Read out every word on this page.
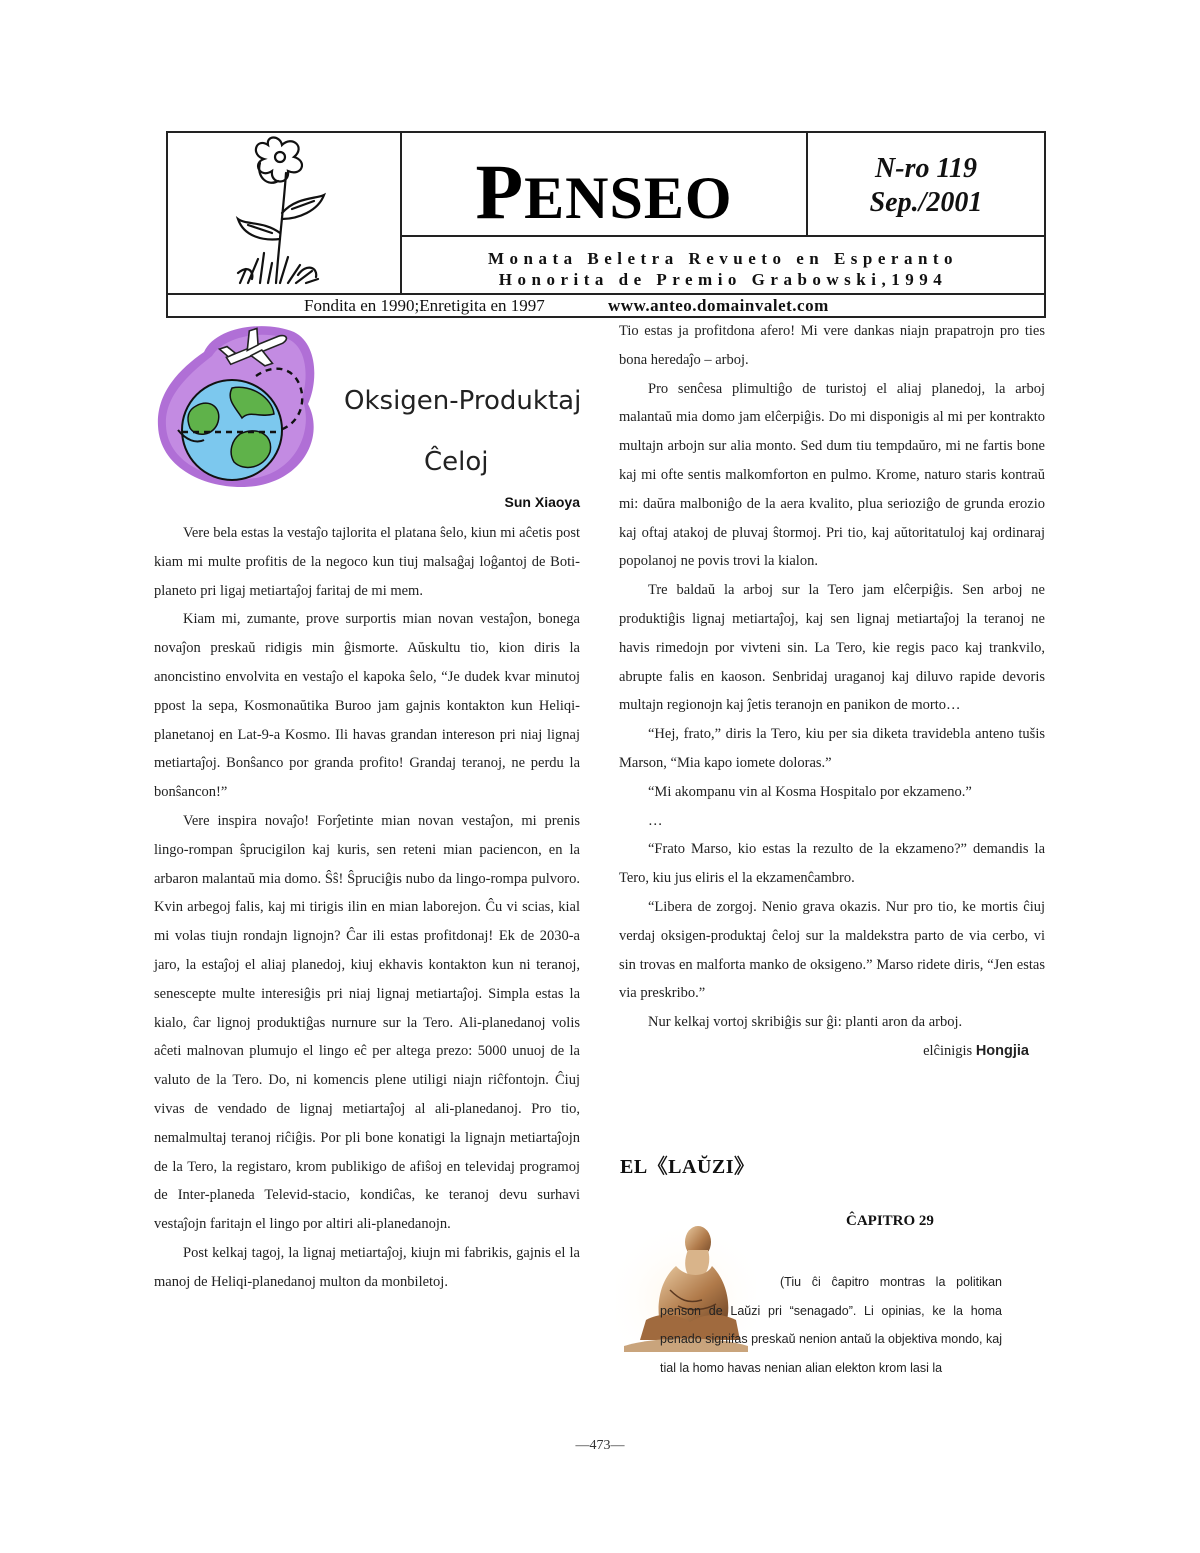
PENSEO	N-ro 119
Sep./2001
Monata Beletra Revueto en Esperanto
Honorita de Premio Grabowski,1994
Fondita en 1990;Enretigita en 1997	www.anteo.domainvalet.com
Oksigen-Produktaj
Ĉeloj
Sun Xiaoya

Vere bela estas la vestaĵo tajlorita el platana ŝelo, kiun mi aĉetis post kiam mi multe profitis de la negoco kun tiuj malsaĝaj loĝantoj de Boti-planeto pri ligaj metiartaĵoj faritaj de mi mem.

Kiam mi, zumante, prove surportis mian novan vestaĵon, bonega novaĵon preskaŭ ridigis min ĝismorte. Aŭskultu tio, kion diris la anoncistino envolvita en vestaĵo el kapoka ŝelo, “Je dudek kvar minutoj ppost la sepa, Kosmonaŭtika Buroo jam gajnis kontakton kun Heliqi-planetanoj en Lat-9-a Kosmo. Ili havas grandan intereson pri niaj lignaj metiartaĵoj. Bonŝanco por granda profito! Grandaj teranoj, ne perdu la bonŝancon!”

Vere inspira novaĵo! Forĵetinte mian novan vestaĵon, mi prenis lingo-rompan ŝprucigilon kaj kuris, sen reteni mian paciencon, en la arbaron malantaŭ mia domo. Ŝŝ! Ŝpruciĝis nubo da lingo-rompa pulvoro. Kvin arbegoj falis, kaj mi tirigis ilin en mian laborejon. Ĉu vi scias, kial mi volas tiujn rondajn lignojn? Ĉar ili estas profitdonaj! Ek de 2030-a jaro, la estaĵoj el aliaj planedoj, kiuj ekhavis kontakton kun ni teranoj, senescepte multe interesiĝis pri niaj lignaj metiartaĵoj. Simpla estas la kialo, ĉar lignoj produktiĝas nurnure sur la Tero. Ali-planedanoj volis aĉeti malnovan plumujo el lingo eĉ per altega prezo: 5000 unuoj de la valuto de la Tero. Do, ni komencis plene utiligi niajn riĉfontojn. Ĉiuj vivas de vendado de lignaj metiartaĵoj al ali-planedanoj. Pro tio, nemalmultaj teranoj riĉiĝis. Por pli bone konatigi la lignajn metiartaĵojn de la Tero, la registaro, krom publikigo de afiŝoj en televidaj programoj de Inter-planeda Televid-stacio, kondiĉas, ke teranoj devu surhavi vestaĵojn faritajn el lingo por altiri ali-planedanojn.

Post kelkaj tagoj, la lignaj metiartaĵoj, kiujn mi fabrikis, gajnis el la manoj de Heliqi-planedanoj multon da monbiletoj.

Tio estas ja profitdona afero! Mi vere dankas niajn prapatrojn pro ties bona heredaĵo – arboj.

Pro senĉesa plimultiĝo de turistoj el aliaj planedoj, la arboj malantaŭ mia domo jam elĉerpiĝis. Do mi disponigis al mi per kontrakto multajn arbojn sur alia monto. Sed dum tiu tempdaŭro, mi ne fartis bone kaj mi ofte sentis malkomforton en pulmo. Krome, naturo staris kontraŭ mi: daŭra malboniĝo de la aera kvalito, plua serioziĝo de grunda erozio kaj oftaj atakoj de pluvaj ŝtormoj. Pri tio, kaj aŭtoritatuloj kaj ordinaraj popolanoj ne povis trovi la kialon.

Tre baldaŭ la arboj sur la Tero jam elĉerpiĝis. Sen arboj ne produktiĝis lignaj metiartaĵoj, kaj sen lignaj metiartaĵoj la teranoj ne havis rimedojn por vivteni sin. La Tero, kie regis paco kaj trankvilo, abrupte falis en kaoson. Senbridaj uraganoj kaj diluvo rapide devoris multajn regionojn kaj ĵetis teranojn en panikon de morto…

“Hej, frato,” diris la Tero, kiu per sia diketa travidebla anteno tušis Marson, “Mia kapo iomete doloras.”

“Mi akompanu vin al Kosma Hospitalo por ekzameno.”

…

“Frato Marso, kio estas la rezulto de la ekzameno?” demandis la Tero, kiu jus eliris el la ekzamenĉambro.

“Libera de zorgoj. Nenio grava okazis. Nur pro tio, ke mortis ĉiuj verdaj oksigen-produktaj ĉeloj sur la maldekstra parto de via cerbo, vi sin trovas en malforta manko de oksigeno.” Marso ridete diris, “Jen estas via preskribo.”

Nur kelkaj vortoj skribiĝis sur ĝi: planti aron da arboj.

elĉinigis Hongjia
EL《LAŬZI》
ĈAPITRO 29
(Tiu ĉi ĉapitro montras la politikan penson de Laŭzi pri “senagado”. Li opinias, ke la homa penado signifas preskaŭ nenion antaŭ la objektiva mondo, kaj tial la homo havas nenian alian elekton krom lasi la
—473—
